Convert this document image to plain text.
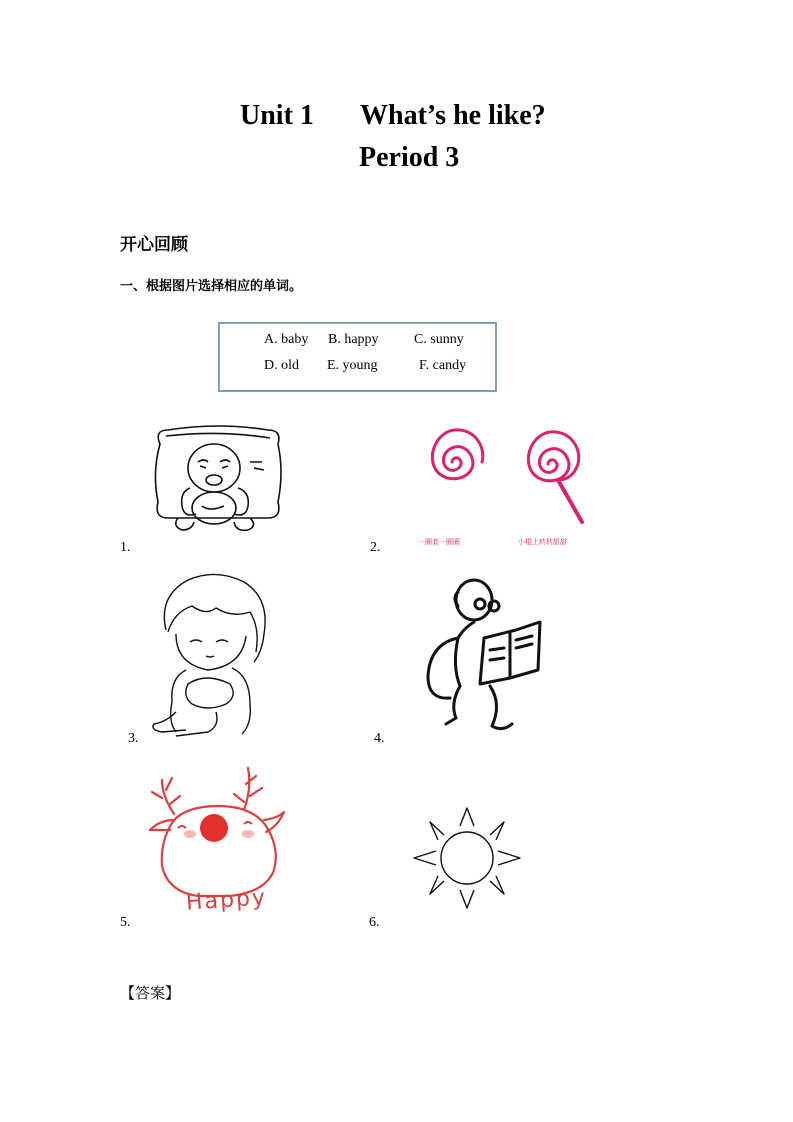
Unit 1 What’s he like?
Period 3
开心回顾
一、根据图片选择相应的单词。
A. baby B. happy	C. sunny
D. old E. young	F. candy
1.	2.	一圈套一圈圈	小棍上转转甜甜
3.	4.
5.
Happy
6.
【答案】
